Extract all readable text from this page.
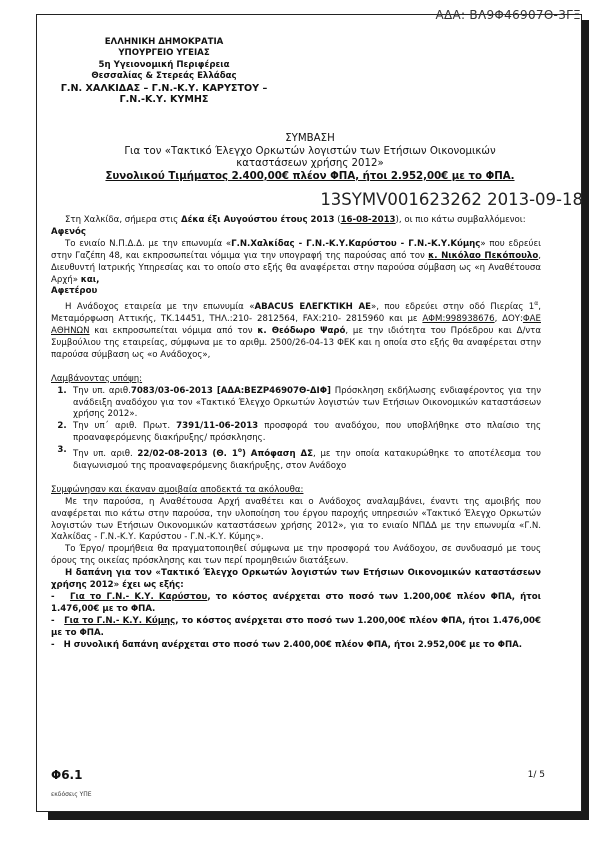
ΕΛΛΗΝΙΚΗ ΔΗΜΟΚΡΑΤΙΑ
ΥΠΟΥΡΓΕΙΟ ΥΓΕΙΑΣ
5η Υγειονομική Περιφέρεια
Θεσσαλίας & Στερεάς Ελλάδας
Γ.Ν. ΧΑΛΚΙΔΑΣ – Γ.Ν.-Κ.Υ. ΚΑΡΥΣΤΟΥ –
Γ.Ν.-Κ.Υ. ΚΥΜΗΣ
ΣΥΜΒΑΣΗ
Για τον «Τακτικό Έλεγχο Ορκωτών λογιστών των Ετήσιων Οικονομικών
καταστάσεων χρήσης 2012»
Συνολικού Τιμήματος 2.400,00€ πλέον ΦΠΑ, ήτοι 2.952,00€ με το ΦΠΑ.
13SYMV001623262 2013-09-18

Στη Χαλκίδα, σήμερα στις Δέκα έξι Αυγούστου έτους 2013 (16-08-2013), οι πιο κάτω συμβαλλόμενοι:

Αφενός

Το ενιαίο Ν.Π.Δ.Δ. με την επωνυμία «Γ.Ν.Χαλκίδας - Γ.Ν.-Κ.Υ.Καρύστου - Γ.Ν.-Κ.Υ.Κύμης» που εδρεύει στην Γαζέπη 48, και εκπροσωπείται νόμιμα για την υπογραφή της παρούσας από τον κ. Νικόλαο Πεκόπουλο, Διευθυντή Ιατρικής Υπηρεσίας και το οποίο στο εξής θα αναφέρεται στην παρούσα σύμβαση ως «η Αναθέτουσα Αρχή» και,

Αφετέρου

Η Ανάδοχος εταιρεία με την επωνυμία «ABACUS ΕΛΕΓΚΤΙΚΗ ΑΕ», που εδρεύει στην οδό Πιερίας $1^\alpha$, Μεταμόρφωση Αττικής, ΤΚ.14451, ΤΗΛ.:210- 2812564, FAX:210- 2815960 και με ΑΦΜ:998938676, ΔΟΥ:ΦΑΕ ΑΘΗΝΩΝ και εκπροσωπείται νόμιμα από τον κ. Θεόδωρο Ψαρό, με την ιδιότητα του Πρόεδρου και Δ/ντα Συμβούλιου της εταιρείας, σύμφωνα με το αριθμ. 2500/26-04-13 ΦΕΚ και η οποία στο εξής θα αναφέρεται στην παρούσα σύμβαση ως «ο Ανάδοχος»,

Λαμβάνοντας υπόψη:

1. Την υπ. αριθ.7083/03-06-2013 [ΑΔΑ:ΒΕΖΡ46907Θ-ΔΙΦ] Πρόσκληση εκδήλωσης ενδιαφέροντος για την ανάδειξη αναδόχου για τον «Τακτικό Έλεγχο Ορκωτών λογιστών των Ετήσιων Οικονομικών καταστάσεων χρήσης 2012».
2. Την υπ΄ αριθ. Πρωτ. 7391/11-06-2013 προσφορά του αναδόχου, που υποβλήθηκε στο πλαίσιο της προαναφερόμενης διακήρυξης/ πρόσκλησης.
3. Την υπ. αριθ. 22/02-08-2013 (Θ. $1^o$) Απόφαση ΔΣ, με την οποία κατακυρώθηκε το αποτέλεσμα του διαγωνισμού της προαναφερόμενης διακήρυξης, στον Ανάδοχο

Συμφώνησαν και έκαναν αμοιβαία αποδεκτά τα ακόλουθα:

Με την παρούσα, η Αναθέτουσα Αρχή αναθέτει και ο Ανάδοχος αναλαμβάνει, έναντι της αμοιβής που αναφέρεται πιο κάτω στην παρούσα, την υλοποίηση του έργου παροχής υπηρεσιών «Τακτικό Έλεγχο Ορκωτών λογιστών των Ετήσιων Οικονομικών καταστάσεων χρήσης 2012», για το ενιαίο ΝΠΔΔ με την επωνυμία «Γ.Ν. Χαλκίδας - Γ.Ν.-Κ.Υ. Καρύστου - Γ.Ν.-Κ.Υ. Κύμης».

Το Έργο/ προμήθεια θα πραγματοποιηθεί σύμφωνα με την προσφορά του Ανάδοχου, σε συνδυασμό με τους όρους της οικείας πρόσκλησης και των περί προμηθειών διατάξεων.

Η δαπάνη για τον «Τακτικό Έλεγχο Ορκωτών λογιστών των Ετήσιων Οικονομικών καταστάσεων χρήσης 2012» έχει ως εξής:

- Για το Γ.Ν.- Κ.Υ. Καρύστου, το κόστος ανέρχεται στο ποσό των 1.200,00€ πλέον ΦΠΑ, ήτοι 1.476,00€ με το ΦΠΑ.

- Για το Γ.Ν.- Κ.Υ. Κύμης, το κόστος ανέρχεται στο ποσό των 1.200,00€ πλέον ΦΠΑ, ήτοι 1.476,00€ με το ΦΠΑ.

- Η συνολική δαπάνη ανέρχεται στο ποσό των 2.400,00€ πλέον ΦΠΑ, ήτοι 2.952,00€ με το ΦΠΑ.

Φ6.1
εκδόσεις ΥΠΕ
1/ 5
ΑΔΑ: ΒΛ9Φ46907Θ-3ΓΞ
